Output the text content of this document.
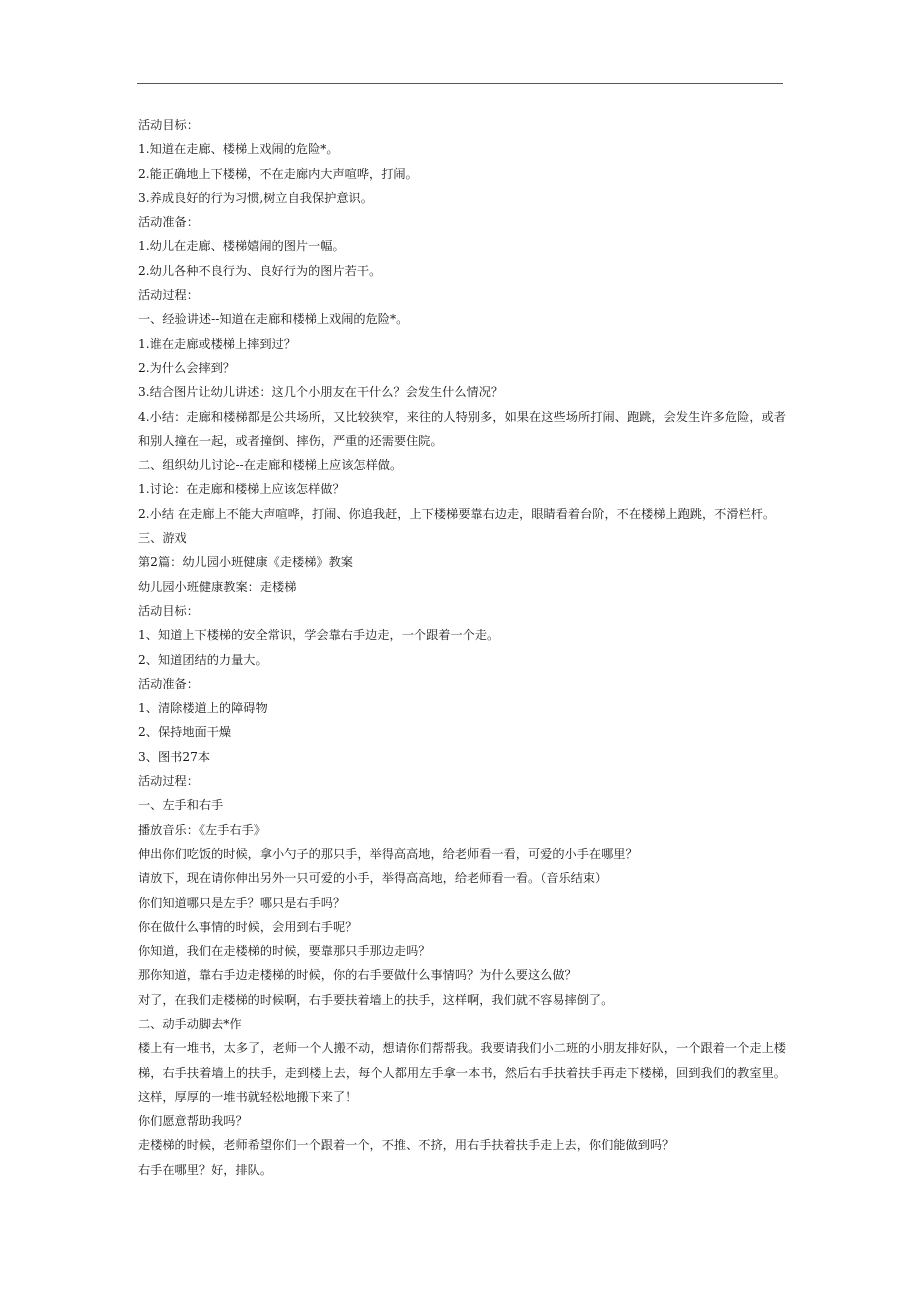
活动目标：
1.知道在走廊、楼梯上戏闹的危险*。
2.能正确地上下楼梯，不在走廊内大声喧哗，打闹。
3.养成良好的行为习惯,树立自我保护意识。
活动准备：
1.幼儿在走廊、楼梯嬉闹的图片一幅。
2.幼儿各种不良行为、良好行为的图片若干。
活动过程：
一、经验讲述--知道在走廊和楼梯上戏闹的危险*。
1.谁在走廊或楼梯上摔到过？
2.为什么会摔到？
3.结合图片让幼儿讲述：这几个小朋友在干什么？会发生什么情况？
4.小结：走廊和楼梯都是公共场所，又比较狭窄，来往的人特别多，如果在这些场所打闹、跑跳，会发生许多危险，或者和别人撞在一起，或者撞倒、摔伤，严重的还需要住院。
二、组织幼儿讨论--在走廊和楼梯上应该怎样做。
1.讨论：在走廊和楼梯上应该怎样做？
2.小结 在走廊上不能大声喧哗，打闹、你追我赶，上下楼梯要靠右边走，眼睛看着台阶，不在楼梯上跑跳，不滑栏杆。
三、游戏
第2篇：幼儿园小班健康《走楼梯》教案
幼儿园小班健康教案：走楼梯
活动目标：
1、知道上下楼梯的安全常识，学会靠右手边走，一个跟着一个走。
2、知道团结的力量大。
活动准备：
1、清除楼道上的障碍物
2、保持地面干燥
3、图书27本
活动过程：
一、左手和右手
播放音乐：《左手右手》
伸出你们吃饭的时候，拿小勺子的那只手，举得高高地，给老师看一看，可爱的小手在哪里？
请放下，现在请你伸出另外一只可爱的小手，举得高高地，给老师看一看。（音乐结束）
你们知道哪只是左手？哪只是右手吗？
你在做什么事情的时候，会用到右手呢？
你知道，我们在走楼梯的时候，要靠那只手那边走吗？
那你知道，靠右手边走楼梯的时候，你的右手要做什么事情吗？为什么要这么做？
对了，在我们走楼梯的时候啊，右手要扶着墙上的扶手，这样啊，我们就不容易摔倒了。
二、动手动脚去*作
楼上有一堆书，太多了，老师一个人搬不动，想请你们帮帮我。我要请我们小二班的小朋友排好队，一个跟着一个走上楼梯，右手扶着墙上的扶手，走到楼上去，每个人都用左手拿一本书，然后右手扶着扶手再走下楼梯，回到我们的教室里。这样，厚厚的一堆书就轻松地搬下来了！
你们愿意帮助我吗？
走楼梯的时候，老师希望你们一个跟着一个，不推、不挤，用右手扶着扶手走上去，你们能做到吗？
右手在哪里？好，排队。
